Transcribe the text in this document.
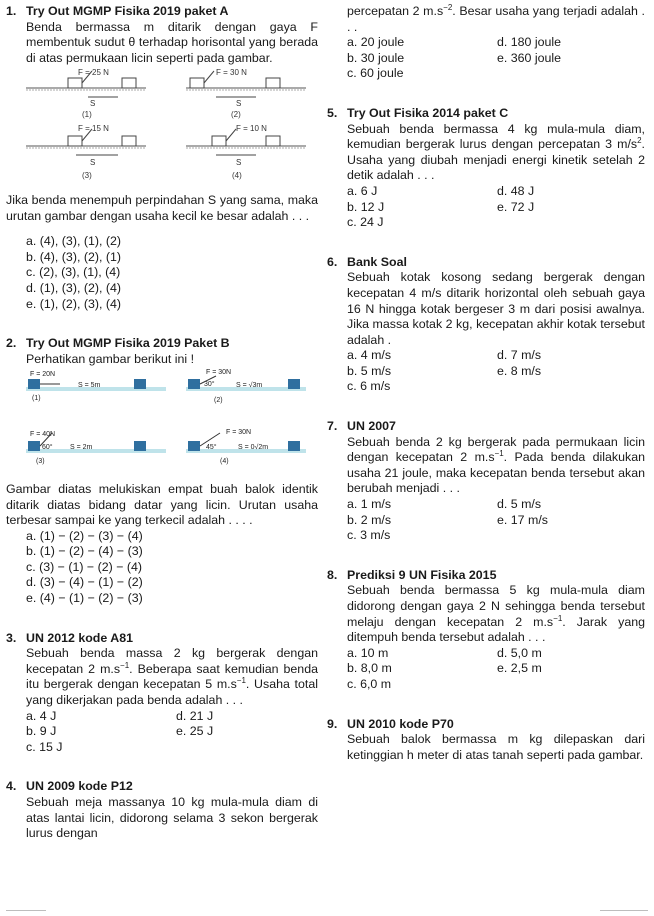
1. Try Out MGMP Fisika 2019 paket A
Benda bermassa m ditarik dengan gaya F membentuk sudut θ terhadap horisontal yang berada di atas permukaan licin seperti pada gambar.
F = 25 N
S
(1)
F = 30 N
S
(2)
F = 15 N
S
(3)
F = 10 N
S
(4)
Jika benda menempuh perpindahan S yang sama, maka urutan gambar dengan usaha kecil ke besar adalah . . .
a. (4), (3), (1), (2)
b. (4), (3), (2), (1)
c. (2), (3), (1), (4)
d. (1), (3), (2), (4)
e. (1), (2), (3), (4)
2. Try Out MGMP Fisika 2019 Paket B
Perhatikan gambar berikut ini !
F = 20N
S = 5m
(1)
F = 30N
30°	S = √3m
(2)
F = 40N
60° S = 2m
(3)
F = 30N
45°	S = 0√2m
(4)
Gambar diatas melukiskan empat buah balok identik ditarik diatas bidang datar yang licin. Urutan usaha terbesar sampai ke yang terkecil adalah . . . .
a. (1) − (2) − (3) − (4)
b. (1) − (2) − (4) − (3)
c. (3) − (1) − (2) − (4)
d. (3) − (4) − (1) − (2)
e. (4) − (1) − (2) − (3)
3. UN 2012 kode A81
Sebuah benda massa 2 kg bergerak dengan kecepatan 2 $m.s^{-1}$. Beberapa saat kemudian benda itu bergerak dengan kecepatan 5 $m.s^{-1}$. Usaha total yang dikerjakan pada benda adalah . . .
a. 4 J	d. 21 J
b. 9 J	e. 25 J
c. 15 J
4. UN 2009 kode P12
Sebuah meja massanya 10 kg mula-mula diam di atas lantai licin, didorong selama 3 sekon bergerak lurus dengan
percepatan 2 $m.s^{-2}$. Besar usaha yang terjadi adalah . . .
a. 20 joule	d. 180 joule
b. 30 joule	e. 360 joule
c. 60 joule
5. Try Out Fisika 2014 paket C
Sebuah benda bermassa 4 kg mula-mula diam, kemudian bergerak lurus dengan percepatan 3 $m/s^2$. Usaha yang diubah menjadi energi kinetik setelah 2 detik adalah . . .
a. 6 J	d. 48 J
b. 12 J	e. 72 J
c. 24 J
6. Bank Soal
Sebuah kotak kosong sedang bergerak dengan kecepatan 4 m/s ditarik horizontal oleh sebuah gaya 16 N hingga kotak bergeser 3 m dari posisi awalnya. Jika massa kotak 2 kg, kecepatan akhir kotak tersebut adalah .
a. 4 m/s	d. 7 m/s
b. 5 m/s	e. 8 m/s
c. 6 m/s
7. UN 2007
Sebuah benda 2 kg bergerak pada permukaan licin dengan kecepatan 2 $m.s^{-1}$. Pada benda dilakukan usaha 21 joule, maka kecepatan benda tersebut akan berubah menjadi . . .
a. 1 m/s	d. 5 m/s
b. 2 m/s	e. 17 m/s
c. 3 m/s
8. Prediksi 9 UN Fisika 2015
Sebuah benda bermassa 5 kg mula-mula diam didorong dengan gaya 2 N sehingga benda tersebut melaju dengan kecepatan 2 $m.s^{-1}$. Jarak yang ditempuh benda tersebut adalah . . .
a. 10 m	d. 5,0 m
b. 8,0 m	e. 2,5 m
c. 6,0 m
9. UN 2010 kode P70
Sebuah balok bermassa m kg dilepaskan dari ketinggian h meter di atas tanah seperti pada gambar.
